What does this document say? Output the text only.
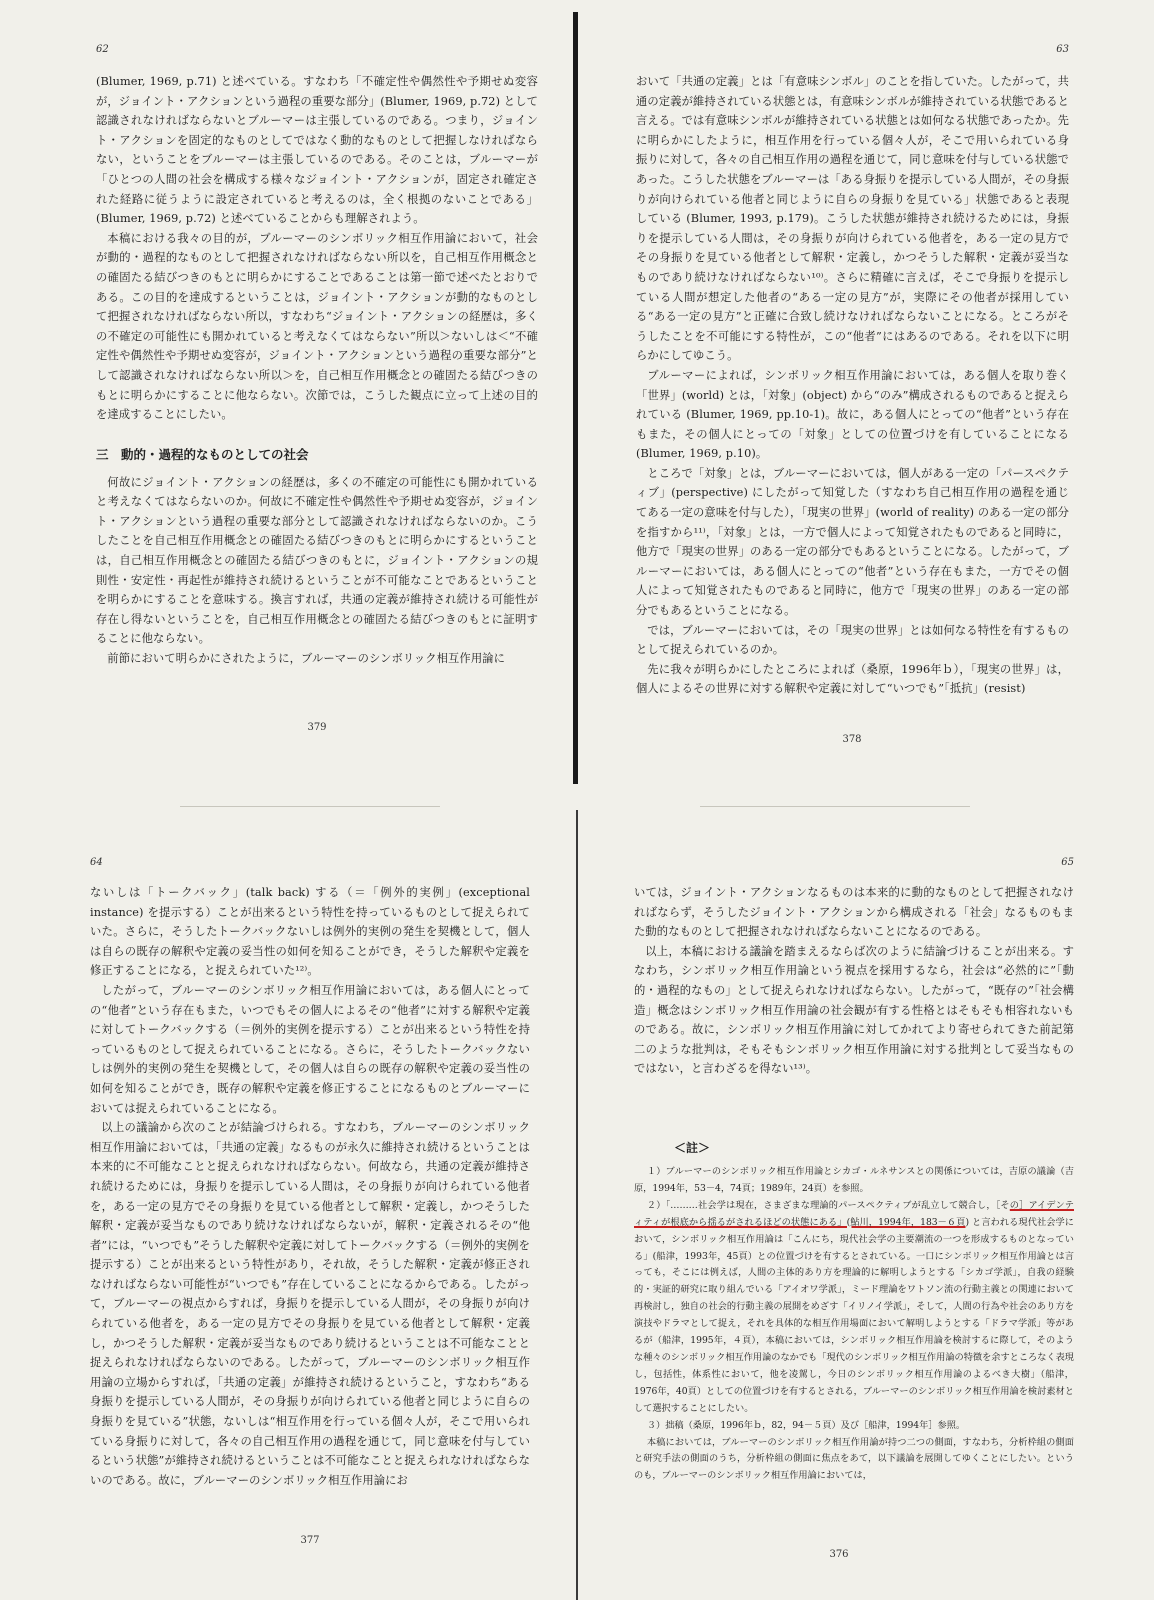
62

(Blumer, 1969, p.71) と述べている。すなわち「不確定性や偶然性や予期せぬ変容が，ジョイント・アクションという過程の重要な部分」(Blumer, 1969, p.72) として認識されなければならないとブルーマーは主張しているのである。つまり，ジョイント・アクションを固定的なものとしてではなく動的なものとして把握しなければならない，ということをブルーマーは主張しているのである。そのことは，ブルーマーが「ひとつの人間の社会を構成する様々なジョイント・アクションが，固定され確定された経路に従うように設定されていると考えるのは，全く根拠のないことである」(Blumer, 1969, p.72) と述べていることからも理解されよう。

本稿における我々の目的が，ブルーマーのシンボリック相互作用論において，社会が動的・過程的なものとして把握されなければならない所以を，自己相互作用概念との確固たる結びつきのもとに明らかにすることであることは第一節で述べたとおりである。この目的を達成するということは，ジョイント・アクションが動的なものとして把握されなければならない所以，すなわち“ジョイント・アクションの経歴は，多くの不確定の可能性にも開かれていると考えなくてはならない”所以＞ないしは＜“不確定性や偶然性や予期せぬ変容が，ジョイント・アクションという過程の重要な部分”として認識されなければならない所以＞を，自己相互作用概念との確固たる結びつきのもとに明らかにすることに他ならない。次節では，こうした観点に立って上述の目的を達成することにしたい。

三　動的・過程的なものとしての社会

何故にジョイント・アクションの経歴は，多くの不確定の可能性にも開かれていると考えなくてはならないのか。何故に不確定性や偶然性や予期せぬ変容が，ジョイント・アクションという過程の重要な部分として認識されなければならないのか。こうしたことを自己相互作用概念との確固たる結びつきのもとに明らかにするということは，自己相互作用概念との確固たる結びつきのもとに，ジョイント・アクションの規則性・安定性・再起性が維持され続けるということが不可能なことであるということを明らかにすることを意味する。換言すれば，共通の定義が維持され続ける可能性が存在し得ないということを，自己相互作用概念との確固たる結びつきのもとに証明することに他ならない。

前節において明らかにされたように，ブルーマーのシンボリック相互作用論に

379
63

おいて「共通の定義」とは「有意味シンボル」のことを指していた。したがって，共通の定義が維持されている状態とは，有意味シンボルが維持されている状態であると言える。では有意味シンボルが維持されている状態とは如何なる状態であったか。先に明らかにしたように，相互作用を行っている個々人が，そこで用いられている身振りに対して，各々の自己相互作用の過程を通じて，同じ意味を付与している状態であった。こうした状態をブルーマーは「ある身振りを提示している人間が，その身振りが向けられている他者と同じように自らの身振りを見ている」状態であると表現している (Blumer, 1993, p.179)。こうした状態が維持され続けるためには，身振りを提示している人間は，その身振りが向けられている他者を，ある一定の見方でその身振りを見ている他者として解釈・定義し，かつそうした解釈・定義が妥当なものであり続けなければならない¹⁰⁾。さらに精確に言えば，そこで身振りを提示している人間が想定した他者の“ある一定の見方”が，実際にその他者が採用している“ある一定の見方”と正確に合致し続けなければならないことになる。ところがそうしたことを不可能にする特性が，この“他者”にはあるのである。それを以下に明らかにしてゆこう。

ブルーマーによれば，シンボリック相互作用論においては，ある個人を取り巻く「世界」(world) とは，「対象」(object) から“のみ”構成されるものであると捉えられている (Blumer, 1969, pp.10-1)。故に，ある個人にとっての“他者”という存在もまた，その個人にとっての「対象」としての位置づけを有していることになる (Blumer, 1969, p.10)。

ところで「対象」とは，ブルーマーにおいては，個人がある一定の「パースペクティブ」(perspective) にしたがって知覚した（すなわち自己相互作用の過程を通じてある一定の意味を付与した），「現実の世界」(world of reality) のある一定の部分を指すから¹¹⁾，「対象」とは，一方で個人によって知覚されたものであると同時に，他方で「現実の世界」のある一定の部分でもあるということになる。したがって，ブルーマーにおいては，ある個人にとっての“他者”という存在もまた，一方でその個人によって知覚されたものであると同時に，他方で「現実の世界」のある一定の部分でもあるということになる。

では，ブルーマーにおいては，その「現実の世界」とは如何なる特性を有するものとして捉えられているのか。

先に我々が明らかにしたところによれば（桑原，1996年ｂ），「現実の世界」は，個人によるその世界に対する解釈や定義に対して“いつでも”「抵抗」(resist)

378
64

ないしは「トークバック」(talk back) する（＝「例外的実例」(exceptional instance) を提示する）ことが出来るという特性を持っているものとして捉えられていた。さらに，そうしたトークバックないしは例外的実例の発生を契機として，個人は自らの既存の解釈や定義の妥当性の如何を知ることができ，そうした解釈や定義を修正することになる，と捉えられていた¹²⁾。

したがって，ブルーマーのシンボリック相互作用論においては，ある個人にとっての“他者”という存在もまた，いつでもその個人によるその“他者”に対する解釈や定義に対してトークバックする（＝例外的実例を提示する）ことが出来るという特性を持っているものとして捉えられていることになる。さらに，そうしたトークバックないしは例外的実例の発生を契機として，その個人は自らの既存の解釈や定義の妥当性の如何を知ることができ，既存の解釈や定義を修正することになるものとブルーマーにおいては捉えられていることになる。

以上の議論から次のことが結論づけられる。すなわち，ブルーマーのシンボリック相互作用論においては，「共通の定義」なるものが永久に維持され続けるということは本来的に不可能なことと捉えられなければならない。何故なら，共通の定義が維持され続けるためには，身振りを提示している人間は，その身振りが向けられている他者を，ある一定の見方でその身振りを見ている他者として解釈・定義し，かつそうした解釈・定義が妥当なものであり続けなければならないが，解釈・定義されるその“他者”には，“いつでも”そうした解釈や定義に対してトークバックする（＝例外的実例を提示する）ことが出来るという特性があり，それ故，そうした解釈・定義が修正されなければならない可能性が“いつでも”存在していることになるからである。したがって，ブルーマーの視点からすれば，身振りを提示している人間が，その身振りが向けられている他者を，ある一定の見方でその身振りを見ている他者として解釈・定義し，かつそうした解釈・定義が妥当なものであり続けるということは不可能なことと捉えられなければならないのである。したがって，ブルーマーのシンボリック相互作用論の立場からすれば，「共通の定義」が維持され続けるということ，すなわち“ある身振りを提示している人間が，その身振りが向けられている他者と同じように自らの身振りを見ている”状態，ないしは“相互作用を行っている個々人が，そこで用いられている身振りに対して，各々の自己相互作用の過程を通じて，同じ意味を付与しているという状態”が維持され続けるということは不可能なことと捉えられなければならないのである。故に，ブルーマーのシンボリック相互作用論にお

377
65

いては，ジョイント・アクションなるものは本来的に動的なものとして把握されなければならず，そうしたジョイント・アクションから構成される「社会」なるものもまた動的なものとして把握されなければならないことになるのである。

以上，本稿における議論を踏まえるならば次のように結論づけることが出来る。すなわち，シンボリック相互作用論という視点を採用するなら，社会は“必然的に”「動的・過程的なもの」として捉えられなければならない。したがって，“既存の”「社会構造」概念はシンボリック相互作用論の社会観が有する性格とはそもそも相容れないものである。故に，シンボリック相互作用論に対してかれてより寄せられてきた前記第二のような批判は，そもそもシンボリック相互作用論に対する批判として妥当なものではない，と言わざるを得ない¹³⁾。

＜註＞

１）ブルーマーのシンボリック相互作用論とシカゴ・ルネサンスとの関係については，吉原の議論（吉原，1994年，53－4，74頁；1989年，24頁）を参照。

２）「………社会学は現在，さまざまな理論的パースペクティブが乱立して競合し，［その］アイデンティティが根底から揺るがされるほどの状態にある」(鮎川，1994年，183－６頁) と言われる現代社会学において，シンボリック相互作用論は「こんにち，現代社会学の主要潮流の一つを形成するものとなっている」(船津，1993年，45頁）との位置づけを有するとされている。一口にシンボリック相互作用論とは言っても，そこには例えば，人間の主体的あり方を理論的に解明しようとする「シカゴ学派」，自我の経験的・実証的研究に取り組んでいる「アイオワ学派」，ミード理論をワトソン流の行動主義との関連において再検討し，独自の社会的行動主義の展開をめざす「イリノイ学派」，そして，人間の行為や社会のあり方を演技やドラマとして捉え，それを具体的な相互作用場面において解明しようとする「ドラマ学派」等があるが（船津，1995年，４頁），本稿においては，シンボリック相互作用論を検討するに際して，そのような種々のシンボリック相互作用論のなかでも「現代のシンボリック相互作用論の特徴を余すところなく表現し，包括性，体系性において，他を凌駕し，今日のシンボリック相互作用論のよるべき大樹」（船津，1976年，40頁）としての位置づけを有するとされる，ブルーマーのシンボリック相互作用論を検討素材として選択することにしたい。

３）拙稿（桑原，1996年ｂ，82，94－５頁）及び［船津，1994年］参照。

本稿においては，ブルーマーのシンボリック相互作用論が持つ二つの側面，すなわち，分析枠組の側面と研究手法の側面のうち，分析枠組の側面に焦点をあて，以下議論を展開してゆくことにしたい。というのも，ブルーマーのシンボリック相互作用論においては，

376
